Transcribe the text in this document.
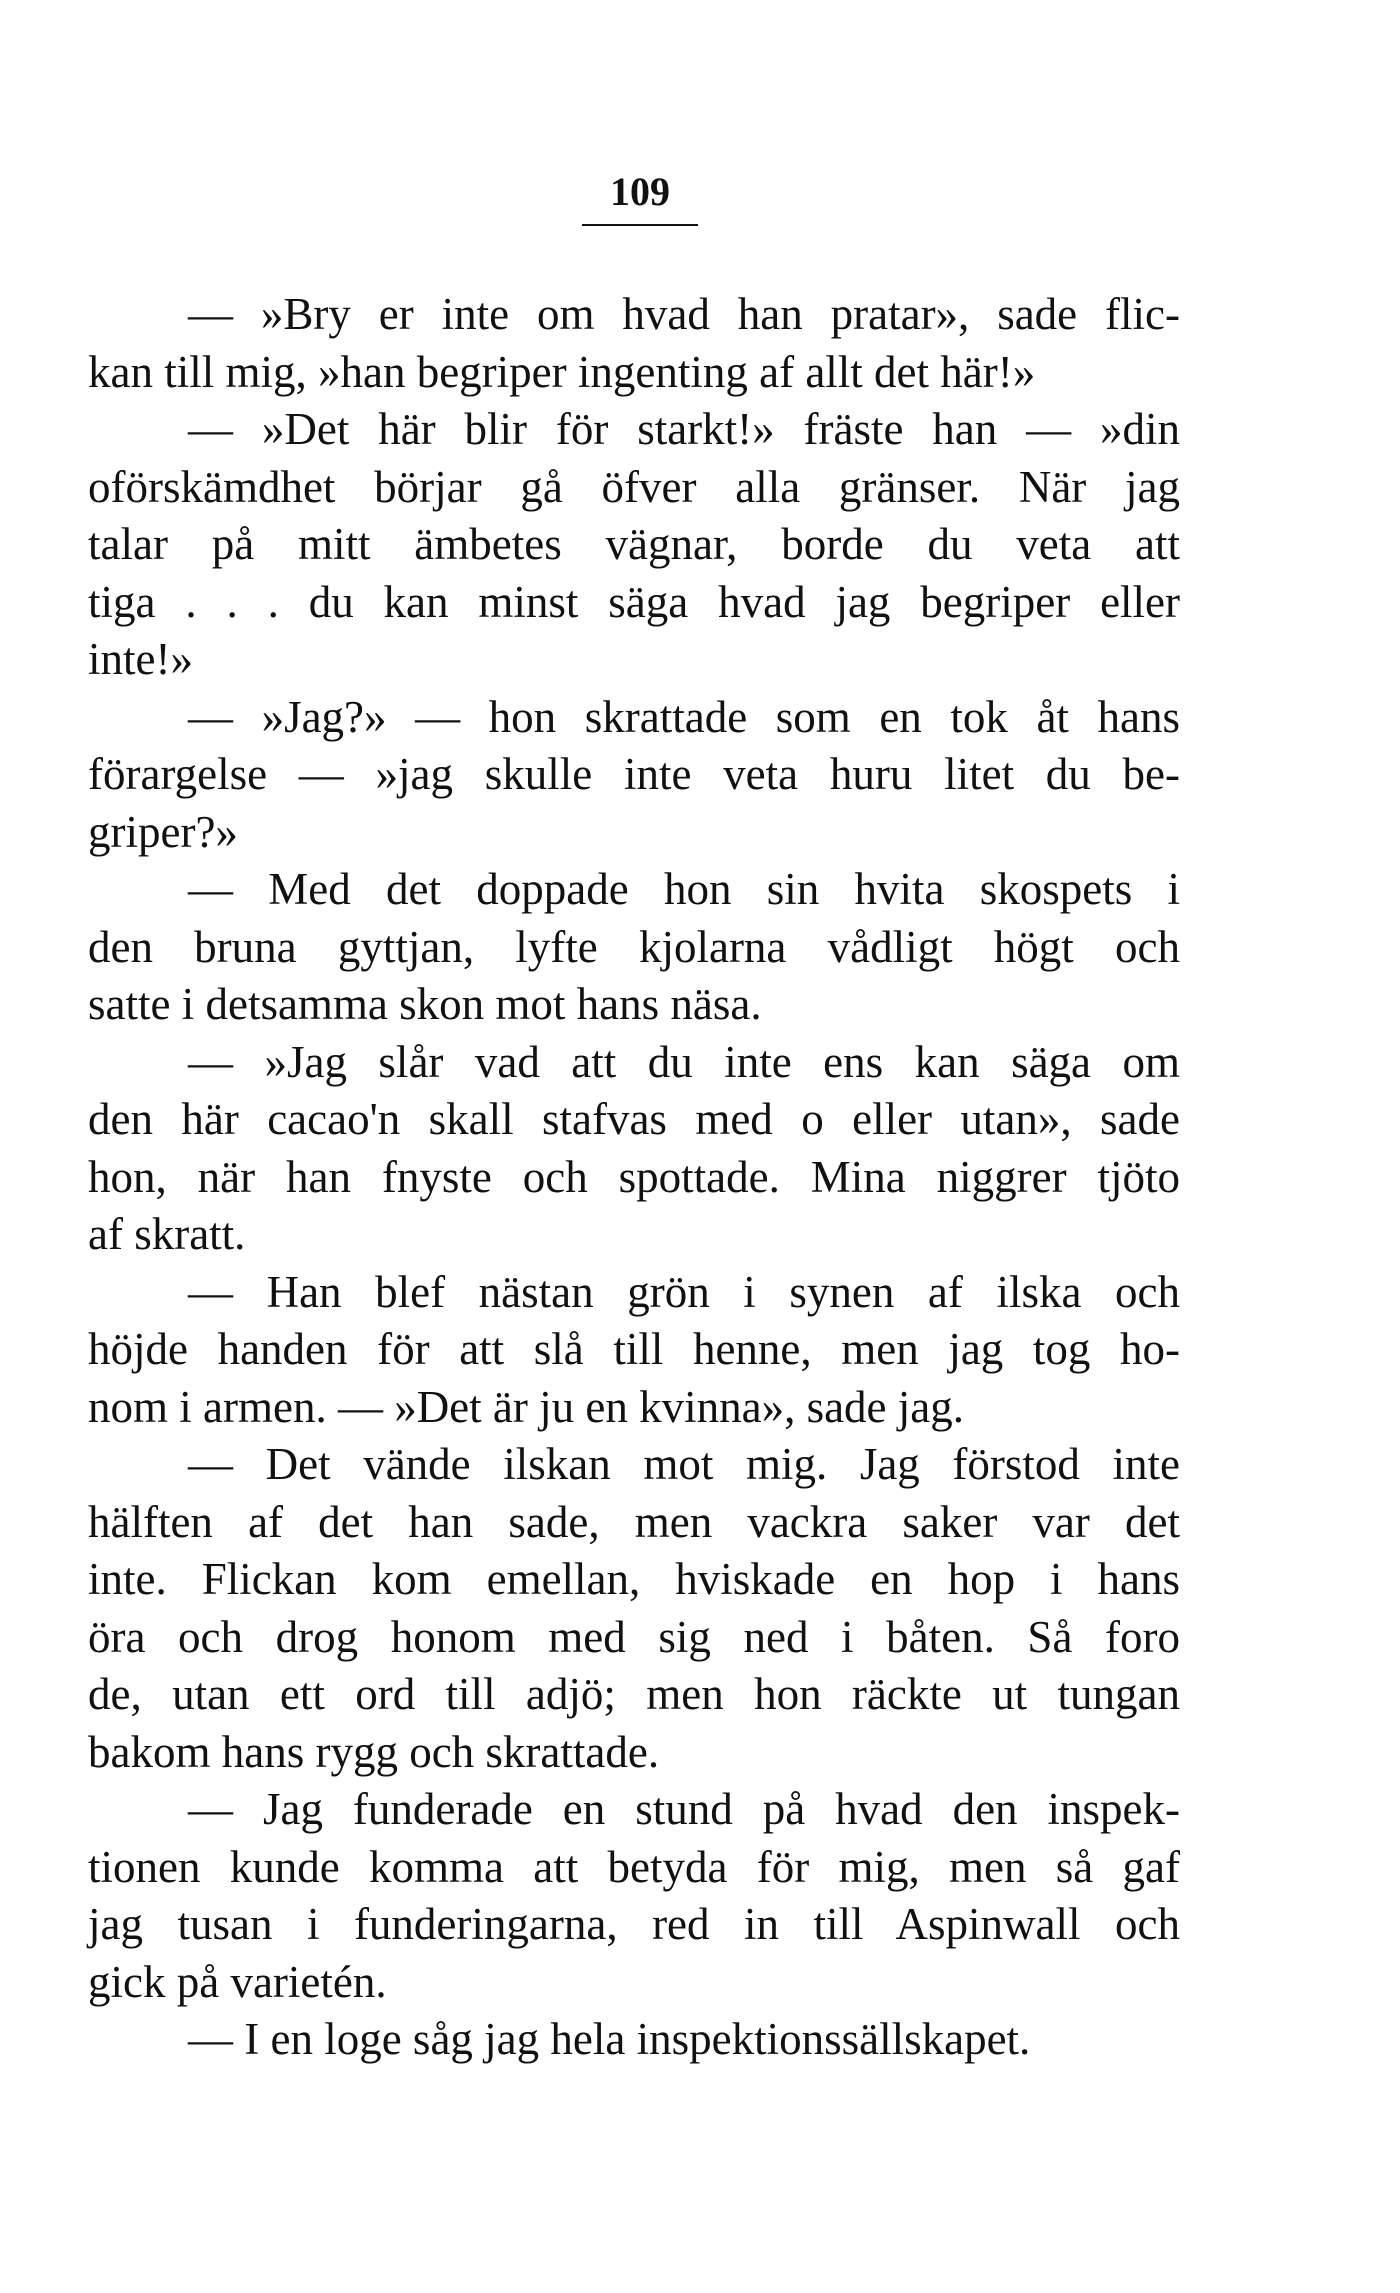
109
— »Bry er inte om hvad han pratar», sade flic-
kan till mig, »han begriper ingenting af allt det här!»
— »Det här blir för starkt!» fräste han — »din
oförskämdhet börjar gå öfver alla gränser. När jag
talar på mitt ämbetes vägnar, borde du veta att
tiga . . . du kan minst säga hvad jag begriper eller
inte!»
— »Jag?» — hon skrattade som en tok åt hans
förargelse — »jag skulle inte veta huru litet du be-
griper?»
— Med det doppade hon sin hvita skospets i
den bruna gyttjan, lyfte kjolarna vådligt högt och
satte i detsamma skon mot hans näsa.
— »Jag slår vad att du inte ens kan säga om
den här cacao'n skall stafvas med o eller utan», sade
hon, när han fnyste och spottade. Mina niggrer tjöto
af skratt.
— Han blef nästan grön i synen af ilska och
höjde handen för att slå till henne, men jag tog ho-
nom i armen. — »Det är ju en kvinna», sade jag.
— Det vände ilskan mot mig. Jag förstod inte
hälften af det han sade, men vackra saker var det
inte. Flickan kom emellan, hviskade en hop i hans
öra och drog honom med sig ned i båten. Så foro
de, utan ett ord till adjö; men hon räckte ut tungan
bakom hans rygg och skrattade.
— Jag funderade en stund på hvad den inspek-
tionen kunde komma att betyda för mig, men så gaf
jag tusan i funderingarna, red in till Aspinwall och
gick på varietén.
— I en loge såg jag hela inspektionssällskapet.
